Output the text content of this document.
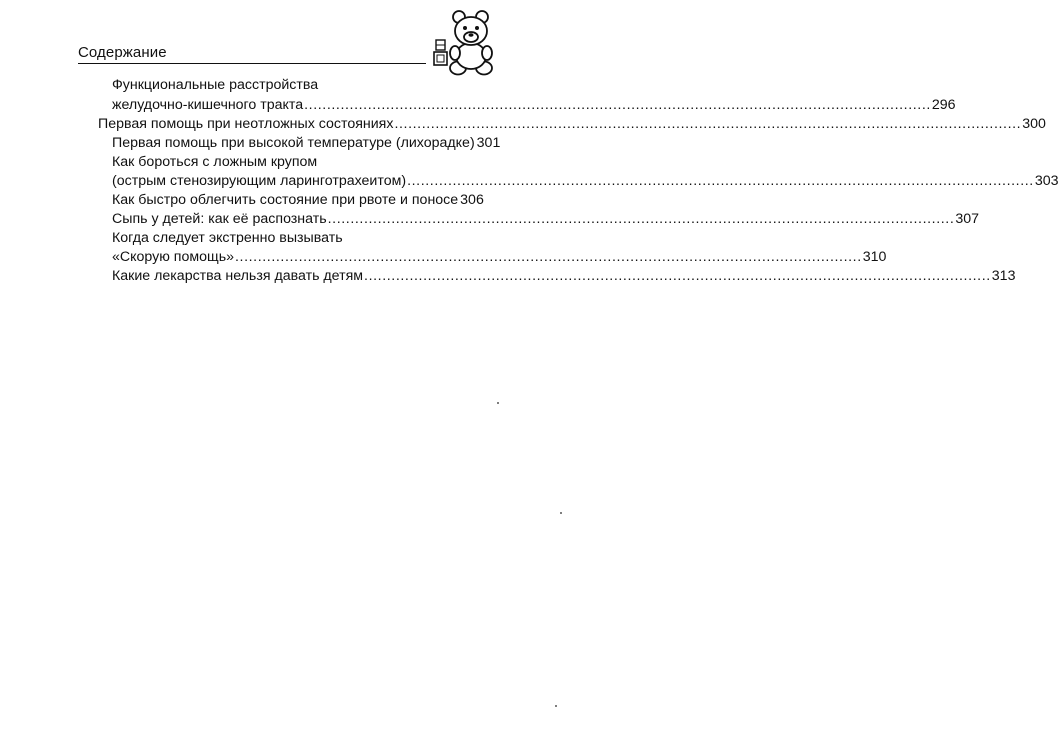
Содержание
Функциональные расстройства
желудочно-кишечного тракта .......................................................................................................................................... 296
Первая помощь при неотложных состояниях .......................................................................................................................................... 300
Первая помощь при высокой температуре (лихорадке) 301
Как бороться с ложным крупом
(острым стенозирующим ларинготрахеитом) .......................................................................................................................................... 303
Как быстро облегчить состояние при рвоте и поносе 306
Сыпь у детей: как её распознать .......................................................................................................................................... 307
Когда следует экстренно вызывать
«Скорую помощь» .......................................................................................................................................... 310
Какие лекарства нельзя давать детям .......................................................................................................................................... 313
